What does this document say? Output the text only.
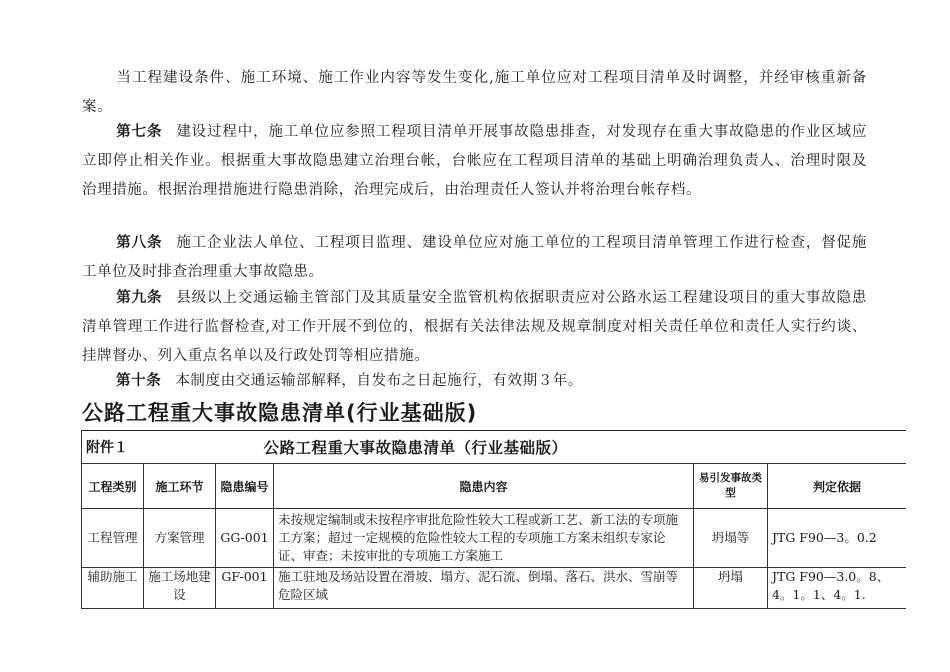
当工程建设条件、施工环境、施工作业内容等发生变化,施工单位应对工程项目清单及时调整，并经审核重新备案。

第七条 建设过程中，施工单位应参照工程项目清单开展事故隐患排查，对发现存在重大事故隐患的作业区域应立即停止相关作业。根据重大事故隐患建立治理台帐，台帐应在工程项目清单的基础上明确治理负责人、治理时限及治理措施。根据治理措施进行隐患消除，治理完成后，由治理责任人签认并将治理台帐存档。

第八条 施工企业法人单位、工程项目监理、建设单位应对施工单位的工程项目清单管理工作进行检查，督促施工单位及时排查治理重大事故隐患。

第九条 县级以上交通运输主管部门及其质量安全监管机构依据职责应对公路水运工程建设项目的重大事故隐患清单管理工作进行监督检查,对工作开展不到位的，根据有关法律法规及规章制度对相关责任单位和责任人实行约谈、挂牌督办、列入重点名单以及行政处罚等相应措施。

第十条 本制度由交通运输部解释，自发布之日起施行，有效期３年。

公路工程重大事故隐患清单(行业基础版)
附件１	公路工程重大事故隐患清单（行业基础版）				
工程类别	施工环节	隐患编号	隐患内容	易引发事故类型	判定依据
工程管理	方案管理	GG-001	未按规定编制或未按程序审批危险性较大工程或新工艺、新工法的专项施工方案；超过一定规模的危险性较大工程的专项施工方案未组织专家论证、审查；未按审批的专项施工方案施工	坍塌等	JTG F90—3。0.2
辅助施工	施工场地建设	GF-001	施工驻地及场站设置在滑坡、塌方、泥石流、倒塌、落石、洪水、雪崩等危险区域	坍塌	JTG F90—3.0。8、4。1。1、4。1.
